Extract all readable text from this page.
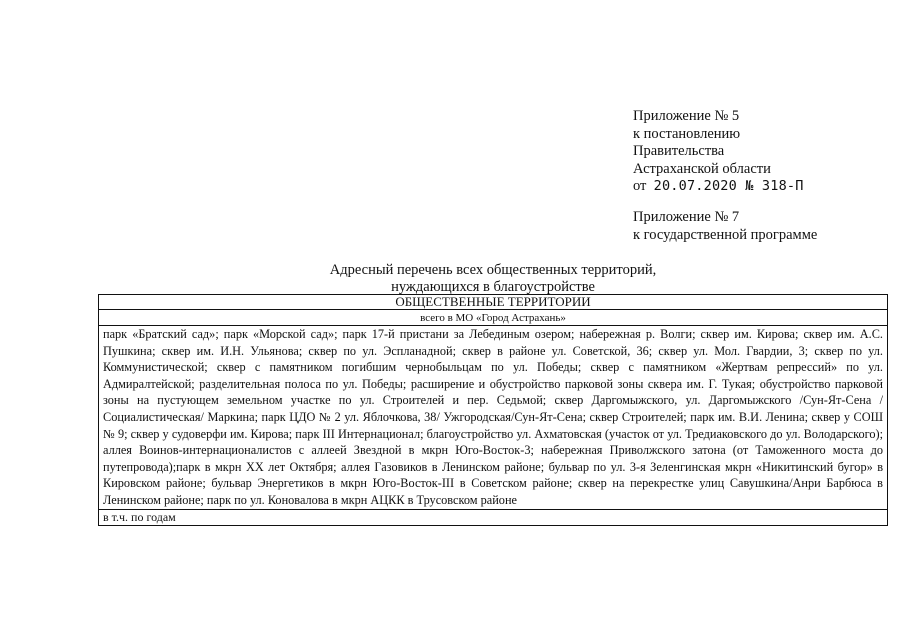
Приложение № 5
к постановлению
Правительства
Астраханской области
от 20.07.2020 № 318-П
Приложение № 7
к государственной программе
Адресный перечень всех общественных территорий,
нуждающихся в благоустройстве
ОБЩЕСТВЕННЫЕ ТЕРРИТОРИИ
всего в МО «Город Астрахань»
парк «Братский сад»; парк «Морской сад»; парк 17-й пристани за Лебединым озером; набережная р. Волги; сквер им. Кирова; сквер им. А.С. Пушкина; сквер им. И.Н. Ульянова; сквер по ул. Эспланадной; сквер в районе ул. Советской, 36; сквер ул. Мол. Гвардии, 3; сквер по ул. Коммунистической; сквер с памятником погибшим чернобыльцам по ул. Победы; сквер с памятником «Жертвам репрессий» по ул. Адмиралтейской; разделительная полоса по ул. Победы; расширение и обустройство парковой зоны сквера им. Г. Тукая; обустройство парковой зоны на пустующем земельном участке по ул. Строителей и пер. Седьмой; сквер Даргомыжского, ул. Даргомыжского /Сун-Ят-Сена /Социалистическая/ Маркина; парк ЦДО № 2 ул. Яблочкова, 38/ Ужгородская/Сун-Ят-Сена; сквер Строителей; парк им. В.И. Ленина; сквер у СОШ № 9; сквер у судоверфи им. Кирова; парк III Интернационал; благоустройство ул. Ахматовская (участок от ул. Тредиаковского до ул. Володарского); аллея Воинов-интернационалистов с аллеей Звездной в мкрн Юго-Восток-3; набережная Приволжского затона (от Таможенного моста до путепровода);парк в мкрн XX лет Октября; аллея Газовиков в Ленинском районе; бульвар по ул. 3-я Зеленгинская мкрн «Никитинский бугор» в Кировском районе; бульвар Энергетиков в мкрн Юго-Восток-III в Советском районе; сквер на перекрестке улиц Савушкина/Анри Барбюса в Ленинском районе; парк по ул. Коновалова в мкрн АЦКК в Трусовском районе
в т.ч. по годам
